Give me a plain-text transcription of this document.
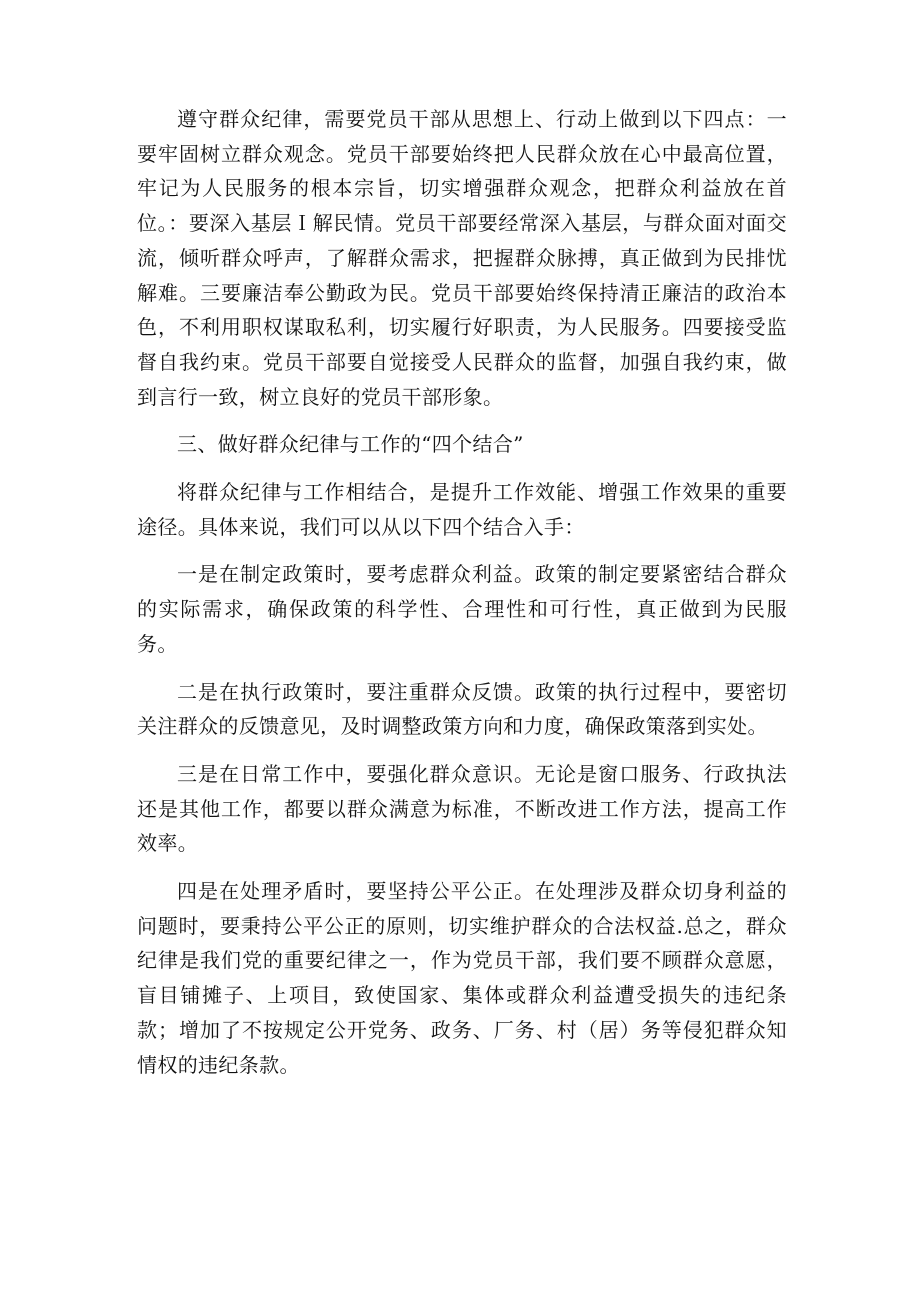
遵守群众纪律，需要党员干部从思想上、行动上做到以下四点：一要牢固树立群众观念。党员干部要始终把人民群众放在心中最高位置，牢记为人民服务的根本宗旨，切实增强群众观念，把群众利益放在首位。：要深入基层Ｉ解民情。党员干部要经常深入基层，与群众面对面交流，倾听群众呼声，了解群众需求，把握群众脉搏，真正做到为民排忧解难。三要廉洁奉公勤政为民。党员干部要始终保持清正廉洁的政治本色，不利用职权谋取私利，切实履行好职责，为人民服务。四要接受监督自我约束。党员干部要自觉接受人民群众的监督，加强自我约束，做到言行一致，树立良好的党员干部形象。

三、做好群众纪律与工作的“四个结合”

将群众纪律与工作相结合，是提升工作效能、增强工作效果的重要途径。具体来说，我们可以从以下四个结合入手：

一是在制定政策时，要考虑群众利益。政策的制定要紧密结合群众的实际需求，确保政策的科学性、合理性和可行性，真正做到为民服务。

二是在执行政策时，要注重群众反馈。政策的执行过程中，要密切关注群众的反馈意见，及时调整政策方向和力度，确保政策落到实处。

三是在日常工作中，要强化群众意识。无论是窗口服务、行政执法还是其他工作，都要以群众满意为标准，不断改进工作方法，提高工作效率。

四是在处理矛盾时，要坚持公平公正。在处理涉及群众切身利益的问题时，要秉持公平公正的原则，切实维护群众的合法权益.总之，群众纪律是我们党的重要纪律之一，作为党员干部，我们要不顾群众意愿，盲目铺摊子、上项目，致使国家、集体或群众利益遭受损失的违纪条款；增加了不按规定公开党务、政务、厂务、村（居）务等侵犯群众知情权的违纪条款。
